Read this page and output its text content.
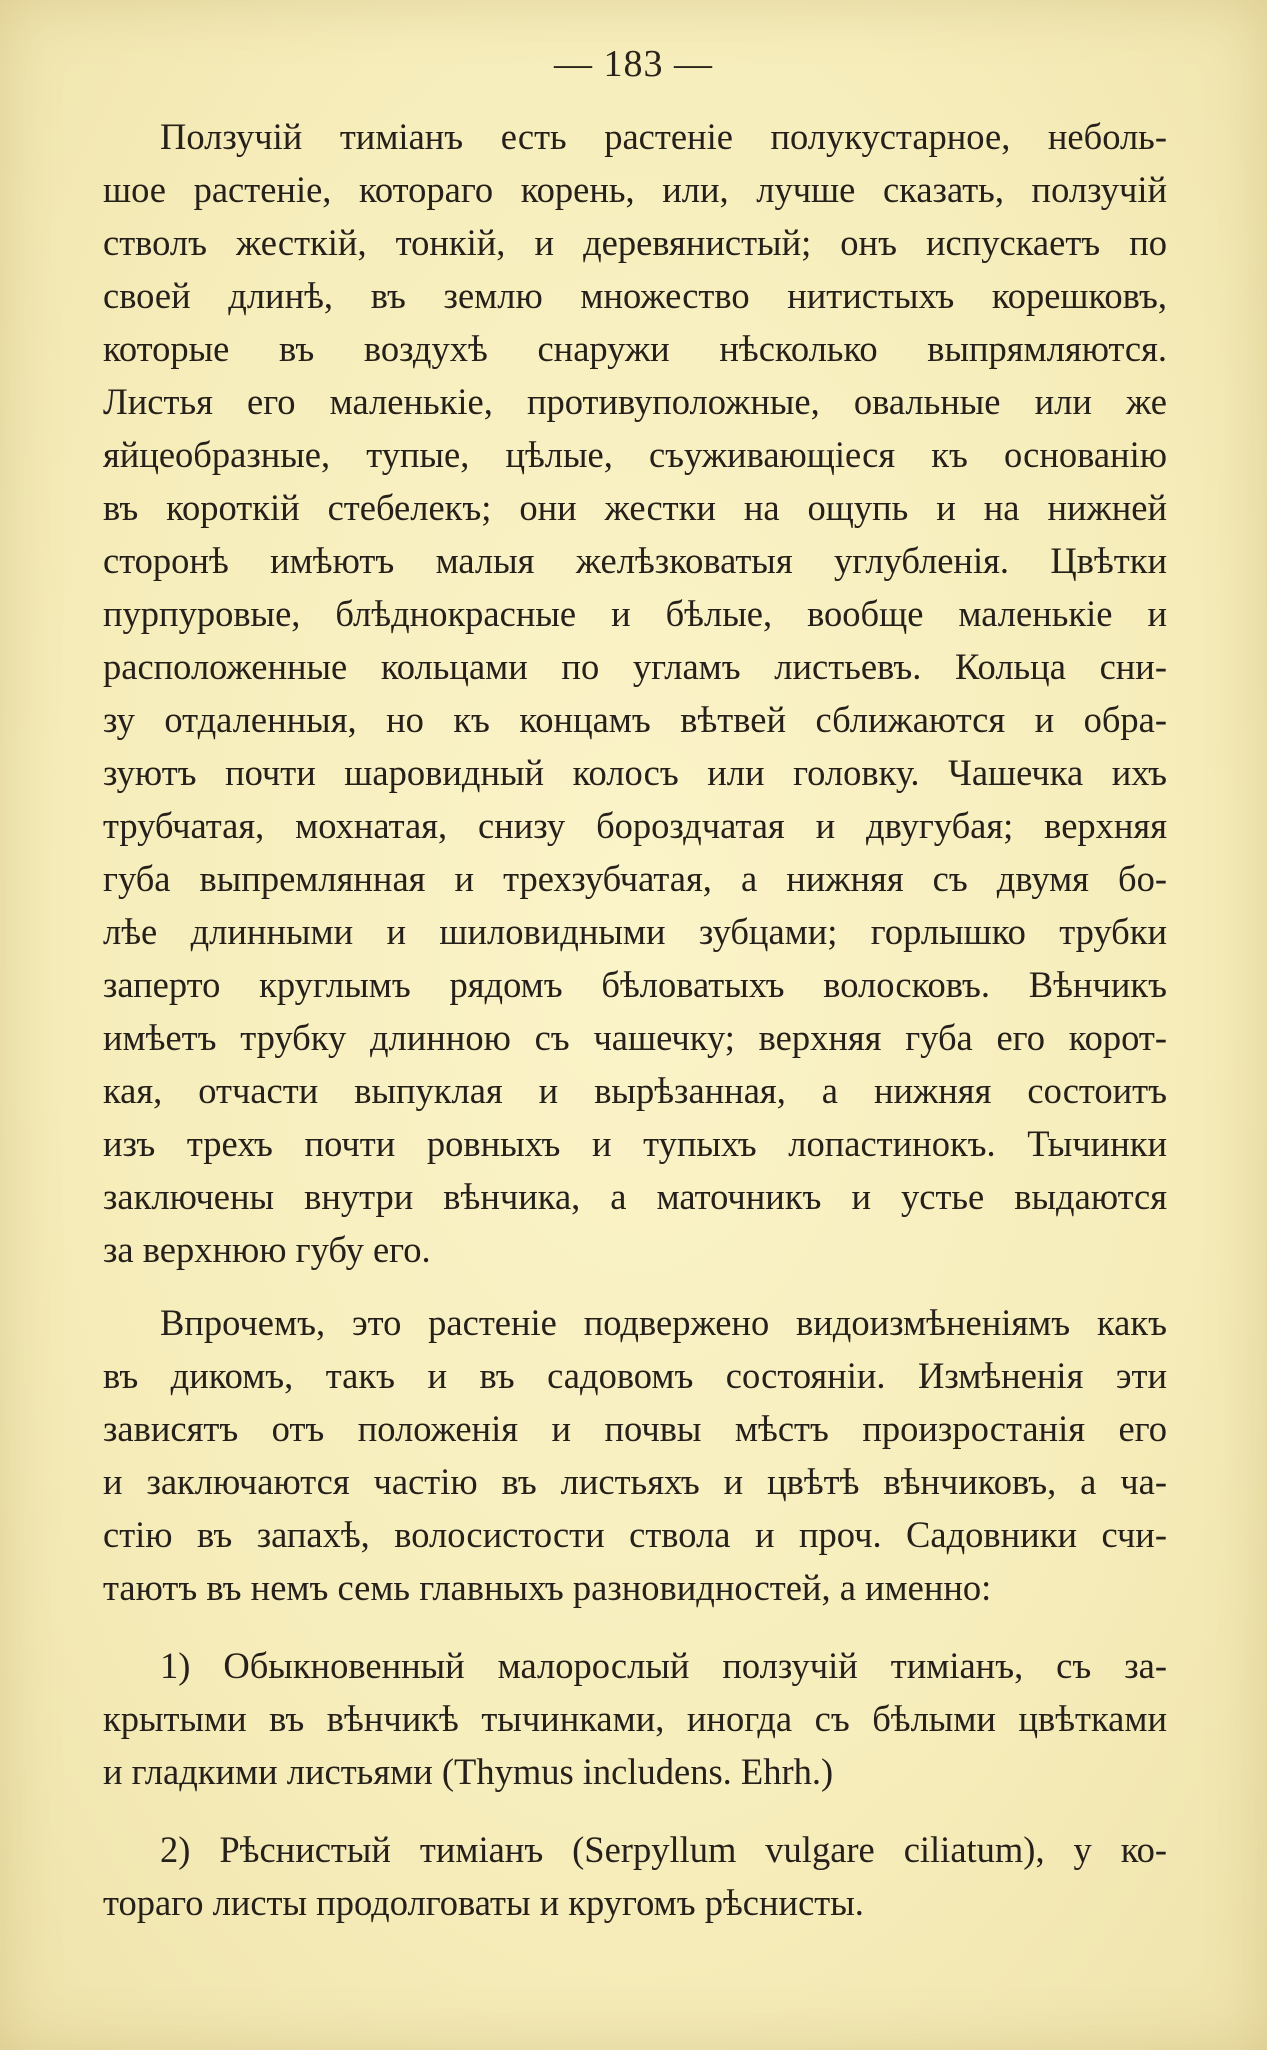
— 183 —
Ползучій тиміанъ есть растеніе полукустарное, неболь-
шое растеніе, котораго корень, или, лучше сказать, ползучій
стволъ жесткій, тонкій, и деревянистый; онъ испускаетъ по
своей длинѣ, въ землю множество нитистыхъ корешковъ,
которые въ воздухѣ снаружи нѣсколько выпрямляются.
Листья его маленькіе, противуположные, овальные или же
яйцеобразные, тупые, цѣлые, съуживающіеся къ основанію
въ короткій стебелекъ; они жестки на ощупь и на нижней
сторонѣ имѣютъ малыя желѣзковатыя углубленія. Цвѣтки
пурпуровые, блѣднокрасные и бѣлые, вообще маленькіе и
расположенные кольцами по угламъ листьевъ. Кольца сни-
зу отдаленныя, но къ концамъ вѣтвей сближаются и обра-
зуютъ почти шаровидный колосъ или головку. Чашечка ихъ
трубчатая, мохнатая, снизу бороздчатая и двугубая; верхняя
губа выпремлянная и трехзубчатая, а нижняя съ двумя бо-
лѣе длинными и шиловидными зубцами; горлышко трубки
заперто круглымъ рядомъ бѣловатыхъ волосковъ. Вѣнчикъ
имѣетъ трубку длинною съ чашечку; верхняя губа его корот-
кая, отчасти выпуклая и вырѣзанная, а нижняя состоитъ
изъ трехъ почти ровныхъ и тупыхъ лопастинокъ. Тычинки
заключены внутри вѣнчика, а маточникъ и устье выдаются
за верхнюю губу его.
Впрочемъ, это растеніе подвержено видоизмѣненіямъ какъ
въ дикомъ, такъ и въ садовомъ состояніи. Измѣненія эти
зависятъ отъ положенія и почвы мѣстъ произростанія его
и заключаются частію въ листьяхъ и цвѣтѣ вѣнчиковъ, а ча-
стію въ запахѣ, волосистости ствола и проч. Садовники счи-
таютъ въ немъ семь главныхъ разновидностей, а именно:
1) Обыкновенный малорослый ползучій тиміанъ, съ за-
крытыми въ вѣнчикѣ тычинками, иногда съ бѣлыми цвѣтками
и гладкими листьями (Thymus includens. Ehrh.)
2) Рѣснистый тиміанъ (Serpyllum vulgare ciliatum), у ко-
тораго листы продолговаты и кругомъ рѣснисты.
